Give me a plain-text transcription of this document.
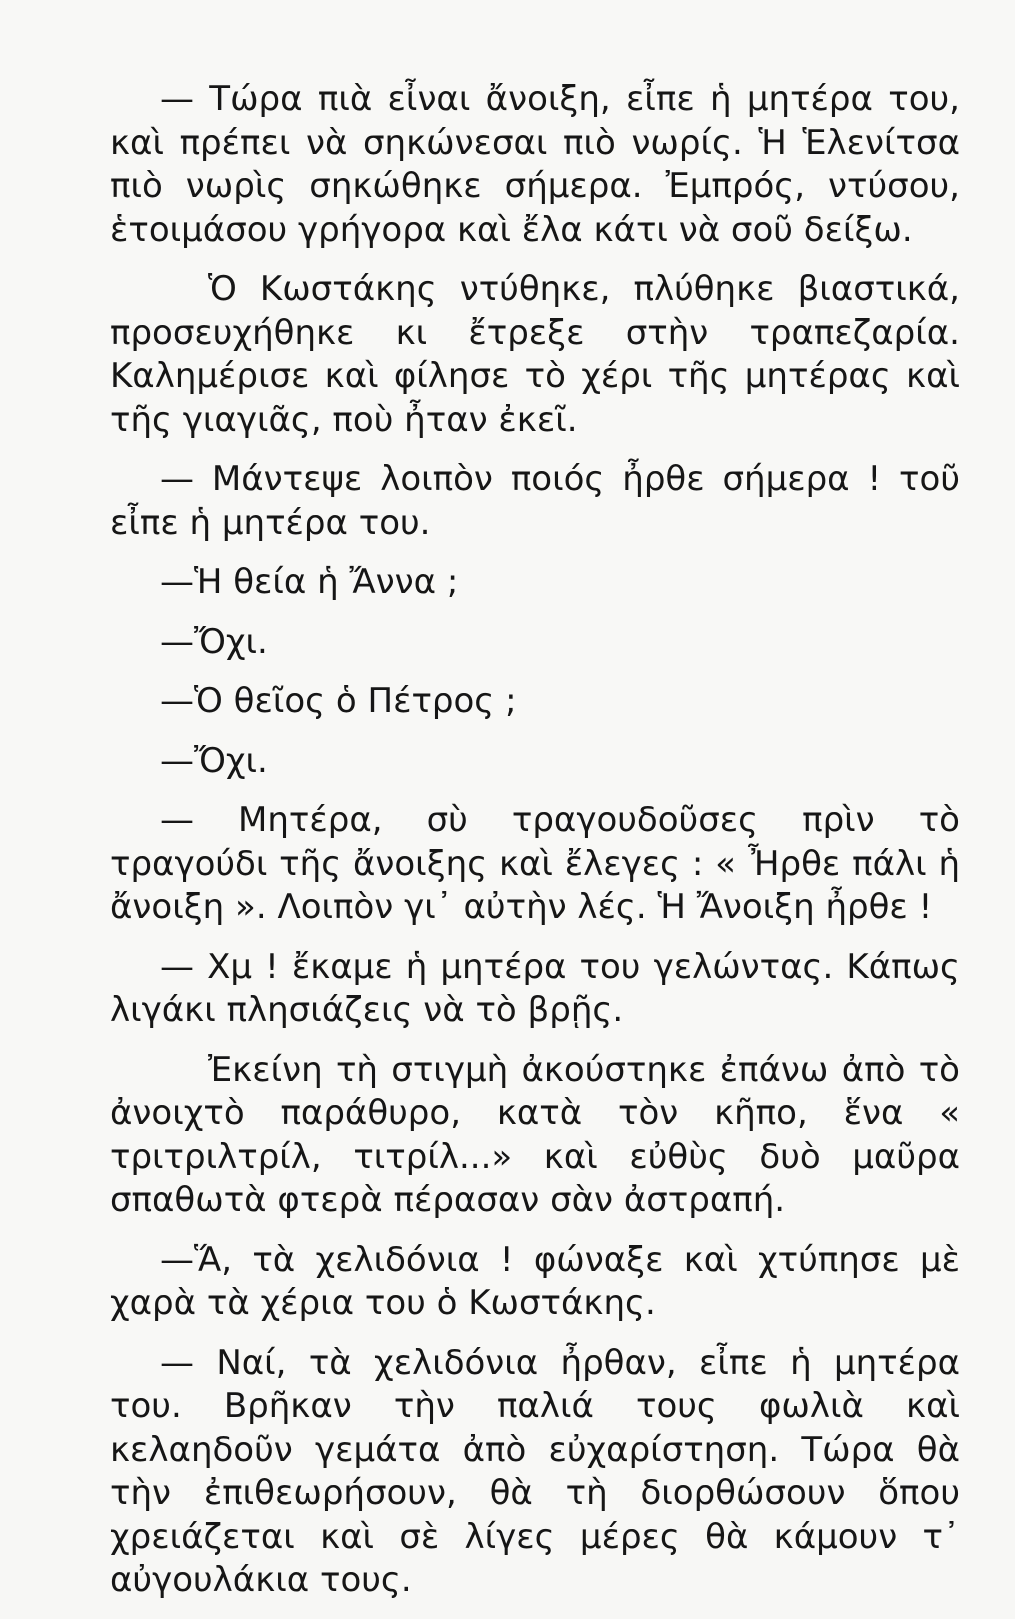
— Τώρα πιὰ εἶναι ἄνοιξη, εἶπε ἡ μητέρα του, καὶ πρέπει νὰ σηκώνεσαι πιὸ νωρίς. Ἡ Ἑλενίτσα πιὸ νωρὶς σηκώθηκε σήμερα. Ἐμπρός, ντύσου, ἑτοιμάσου γρήγορα καὶ ἔλα κάτι νὰ σοῦ δείξω.

Ὁ Κωστάκης ντύθηκε, πλύθηκε βιαστικά, προσευχήθηκε κι ἔτρεξε στὴν τραπεζαρία. Καλημέρισε καὶ φίλησε τὸ χέρι τῆς μητέρας καὶ τῆς γιαγιᾶς, ποὺ ἦταν ἐκεῖ.

— Μάντεψε λοιπὸν ποιός ἦρθε σήμερα ! τοῦ εἶπε ἡ μητέρα του.

—Ἡ θεία ἡ Ἄννα ;

—Ὄχι.

—Ὁ θεῖος ὁ Πέτρος ;

—Ὄχι.

— Μητέρα, σὺ τραγουδοῦσες πρὶν τὸ τραγούδι τῆς ἄνοιξης καὶ ἔλεγες : « Ἦρθε πάλι ἡ ἄνοιξη ». Λοιπὸν γι᾽ αὐτὴν λές. Ἡ Ἄνοιξη ἦρθε !

— Χμ ! ἔκαμε ἡ μητέρα του γελώντας. Κάπως λιγάκι πλησιάζεις νὰ τὸ βρῇς.

Ἐκείνη τὴ στιγμὴ ἀκούστηκε ἐπάνω ἀπὸ τὸ ἀνοιχτὸ παράθυρο, κατὰ τὸν κῆπο, ἕνα « τριτριλτρίλ, τιτρίλ...» καὶ εὐθὺς δυὸ μαῦρα σπαθωτὰ φτερὰ πέρασαν σὰν ἀστραπή.

—Ἅ, τὰ χελιδόνια ! φώναξε καὶ χτύπησε μὲ χαρὰ τὰ χέρια του ὁ Κωστάκης.

— Ναί, τὰ χελιδόνια ἦρθαν, εἶπε ἡ μητέρα του. Βρῆκαν τὴν παλιά τους φωλιὰ καὶ κελαηδοῦν γεμάτα ἀπὸ εὐχαρίστηση. Τώρα θὰ τὴν ἐπιθεωρήσουν, θὰ τὴ διορθώσουν ὅπου χρειάζεται καὶ σὲ λίγες μέρες θὰ κάμουν τ᾽ αὐγουλάκια τους.
